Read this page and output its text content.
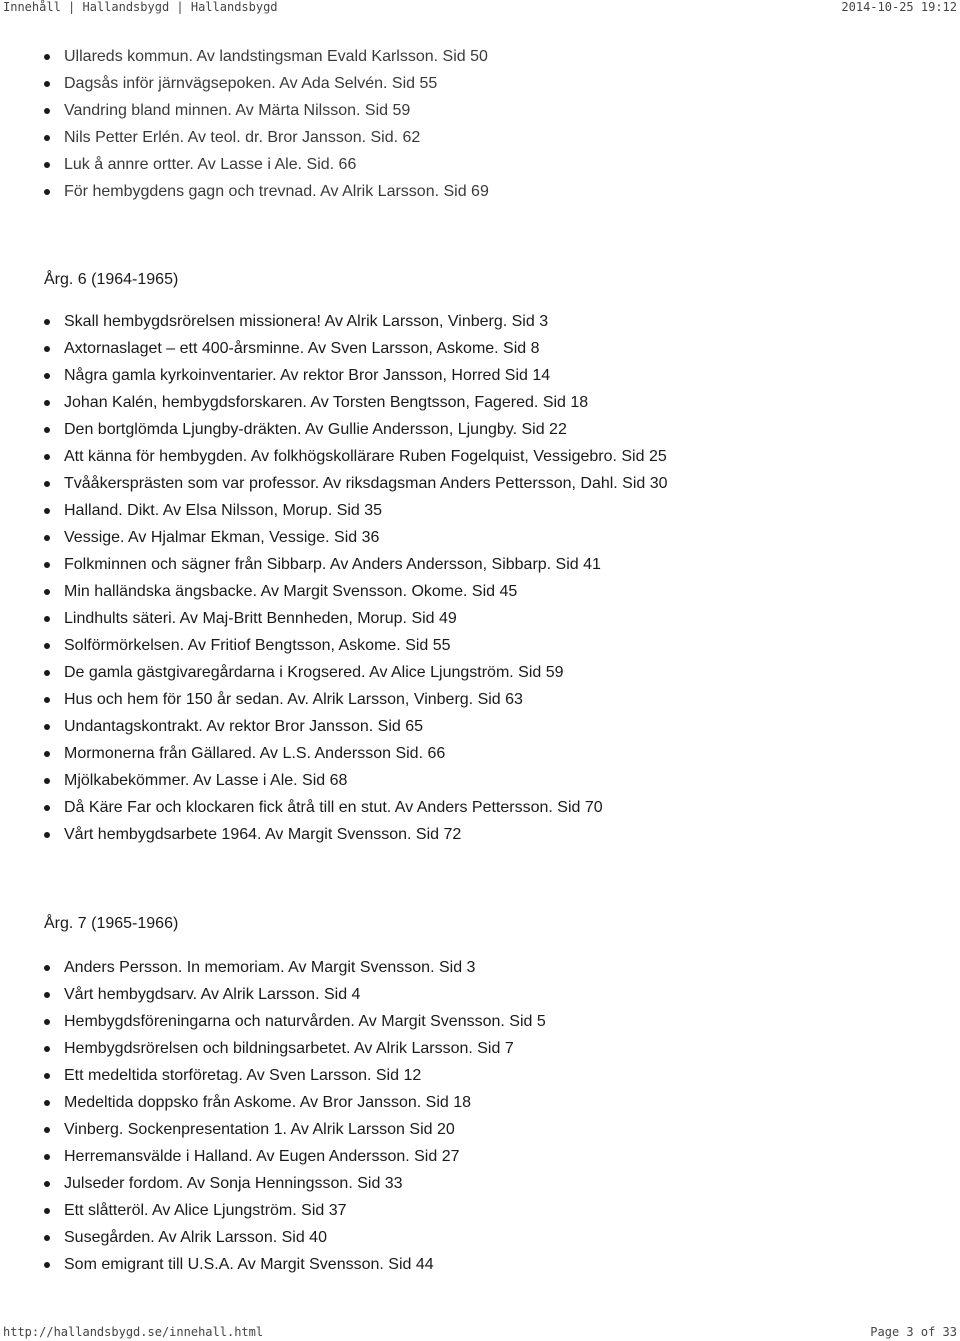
Innehåll | Hallandsbygd | Hallandsbygd	2014-10-25 19:12
Ullareds kommun. Av landstingsman Evald Karlsson. Sid 50
Dagsås inför järnvägsepoken. Av Ada Selvén. Sid 55
Vandring bland minnen. Av Märta Nilsson. Sid 59
Nils Petter Erlén. Av teol. dr. Bror Jansson. Sid. 62
Luk å annre ortter. Av Lasse i Ale. Sid. 66
För hembygdens gagn och trevnad. Av Alrik Larsson. Sid 69
Årg. 6 (1964-1965)
Skall hembygdsrörelsen missionera! Av Alrik Larsson, Vinberg. Sid 3
Axtornaslaget – ett 400-årsminne. Av Sven Larsson, Askome. Sid 8
Några gamla kyrkoinventarier. Av rektor Bror Jansson, Horred Sid 14
Johan Kalén, hembygdsforskaren. Av Torsten Bengtsson, Fagered. Sid 18
Den bortglömda Ljungby-dräkten. Av Gullie Andersson, Ljungby. Sid 22
Att känna för hembygden. Av folkhögskollärare Ruben Fogelquist, Vessigebro. Sid 25
Tvååkersprästen som var professor. Av riksdagsman Anders Pettersson, Dahl. Sid 30
Halland. Dikt. Av Elsa Nilsson, Morup. Sid 35
Vessige. Av Hjalmar Ekman, Vessige. Sid 36
Folkminnen och sägner från Sibbarp. Av Anders Andersson, Sibbarp. Sid 41
Min halländska ängsbacke. Av Margit Svensson. Okome. Sid 45
Lindhults säteri. Av Maj-Britt Bennheden, Morup. Sid 49
Solförmörkelsen. Av Fritiof Bengtsson, Askome. Sid 55
De gamla gästgivaregårdarna i Krogsered. Av Alice Ljungström. Sid 59
Hus och hem för 150 år sedan. Av. Alrik Larsson, Vinberg. Sid 63
Undantagskontrakt. Av rektor Bror Jansson. Sid 65
Mormonerna från Gällared. Av L.S. Andersson Sid. 66
Mjölkabekömmer. Av Lasse i Ale. Sid 68
Då Käre Far och klockaren fick åtrå till en stut. Av Anders Pettersson. Sid 70
Vårt hembygdsarbete 1964. Av Margit Svensson. Sid 72
Årg. 7 (1965-1966)
Anders Persson. In memoriam. Av Margit Svensson. Sid 3
Vårt hembygdsarv. Av Alrik Larsson. Sid 4
Hembygdsföreningarna och naturvården. Av Margit Svensson. Sid 5
Hembygdsrörelsen och bildningsarbetet. Av Alrik Larsson. Sid 7
Ett medeltida storföretag. Av Sven Larsson. Sid 12
Medeltida doppsko från Askome. Av Bror Jansson. Sid 18
Vinberg. Sockenpresentation 1. Av Alrik Larsson Sid 20
Herremansvälde i Halland. Av Eugen Andersson. Sid 27
Julseder fordom. Av Sonja Henningsson. Sid 33
Ett slåtteröl. Av Alice Ljungström. Sid 37
Susegården. Av Alrik Larsson. Sid 40
Som emigrant till U.S.A. Av Margit Svensson. Sid 44
http://hallandsbygd.se/innehall.html	Page 3 of 33
